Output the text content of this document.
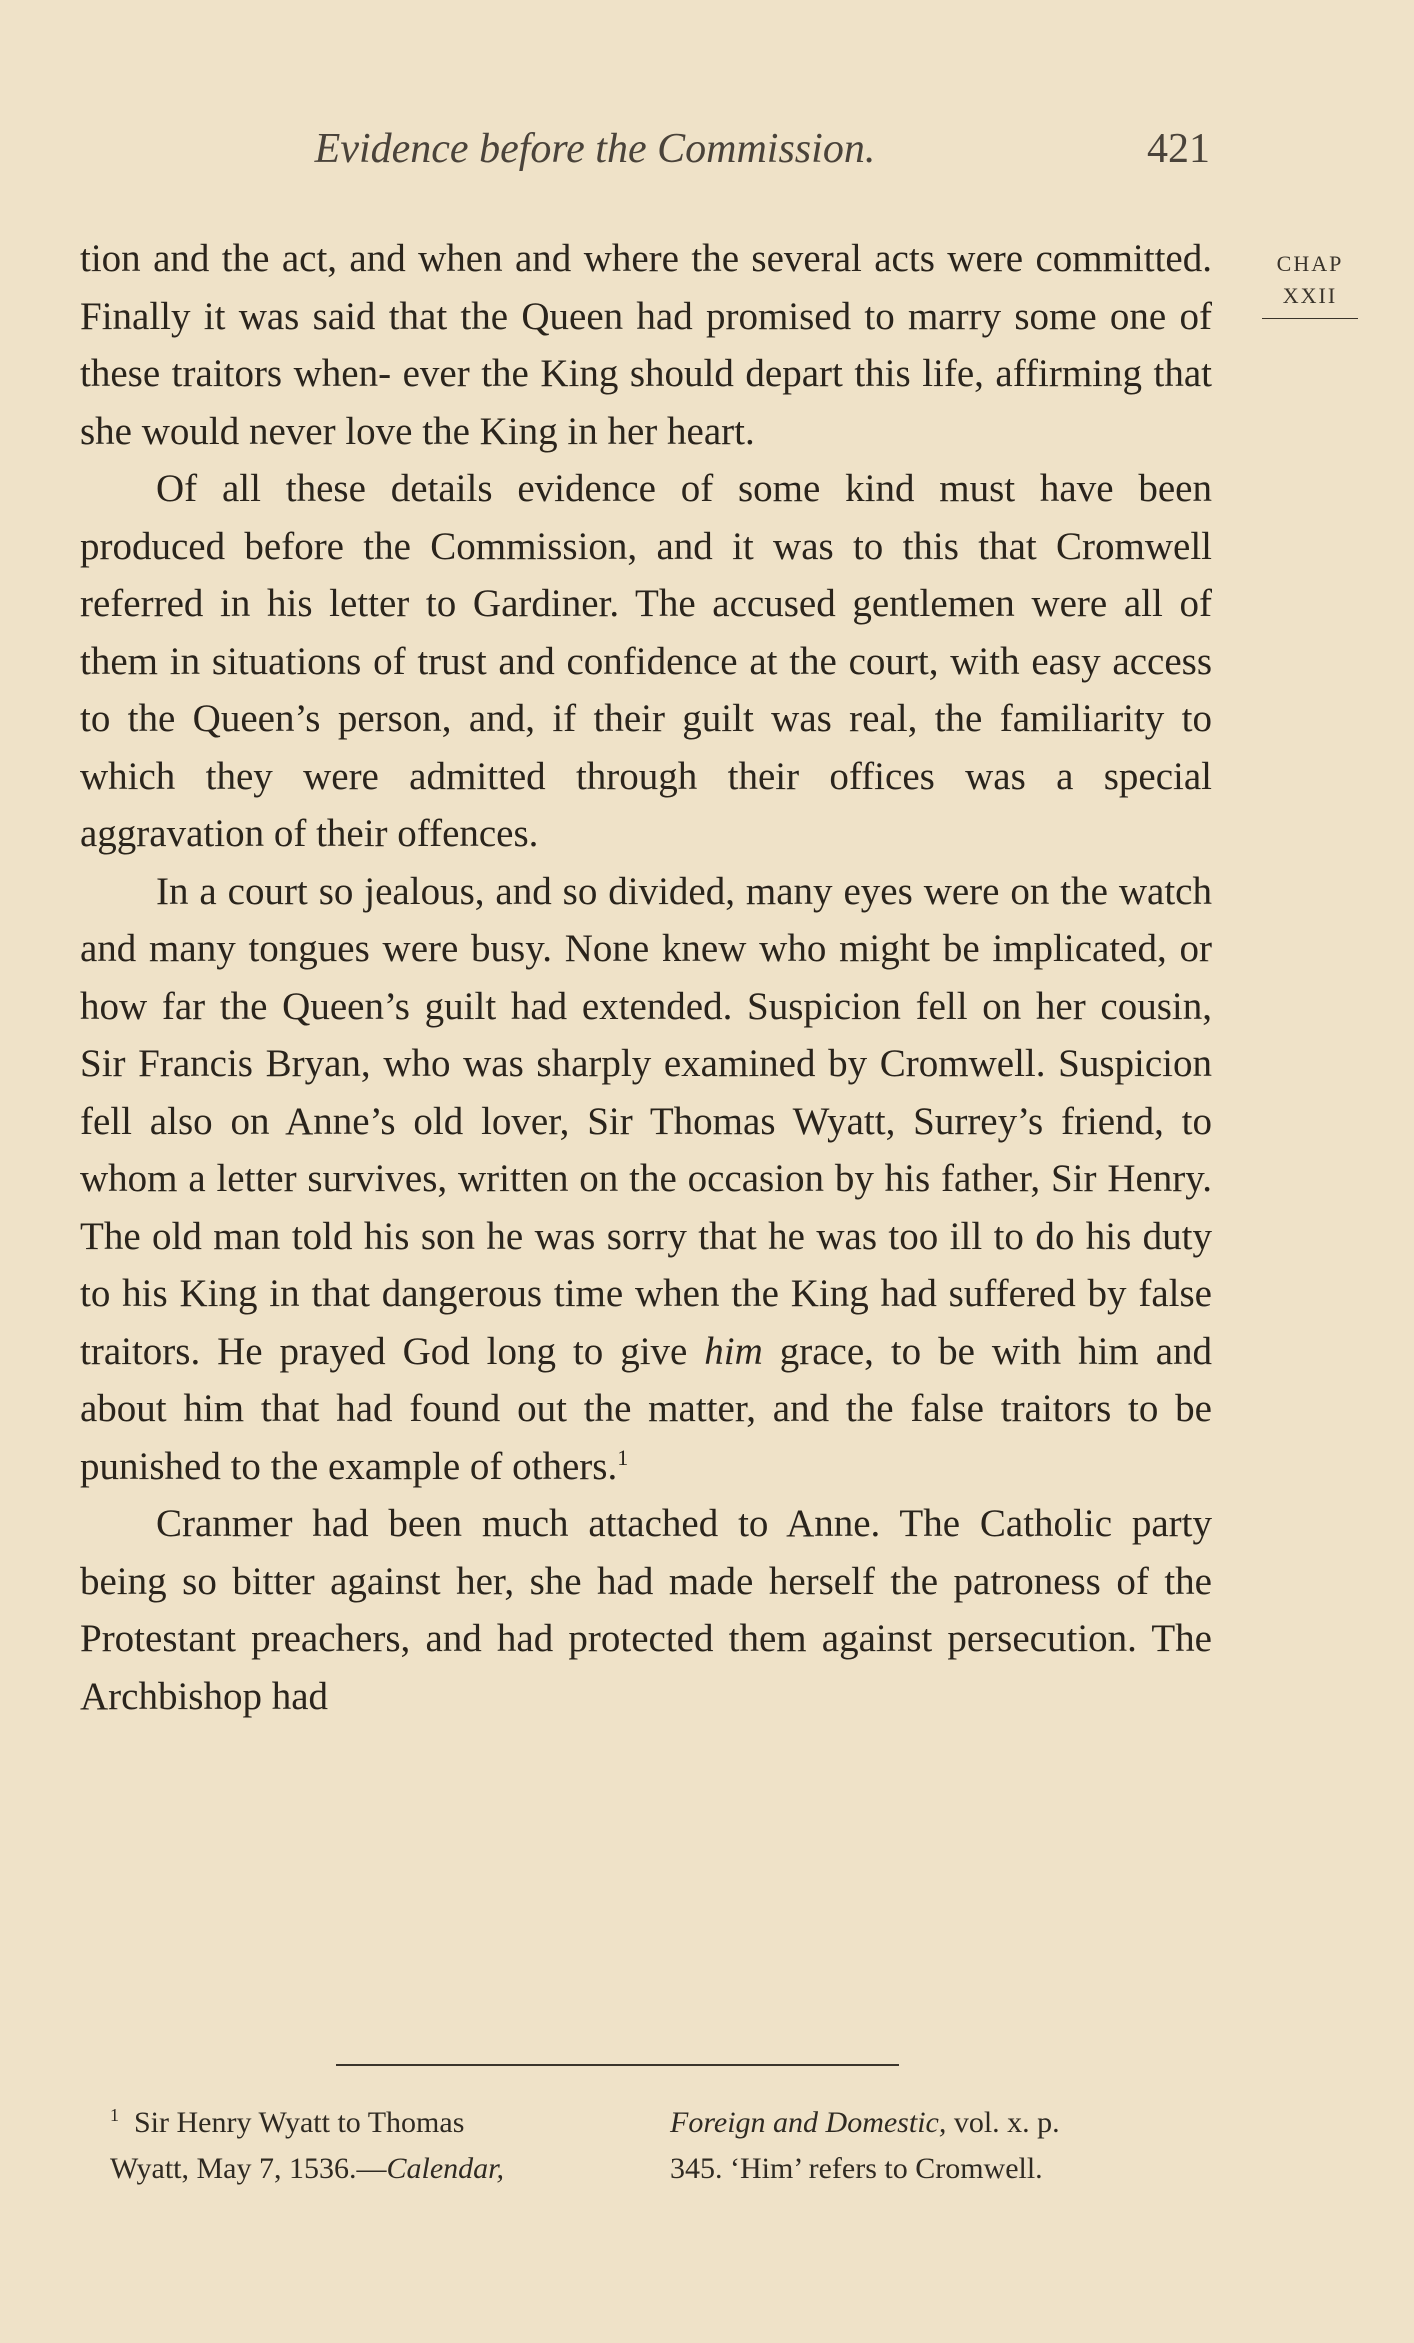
Evidence before the Commission.	421
CHAP
XXII

tion and the act, and when and where the several acts were committed. Finally it was said that the Queen had promised to marry some one of these traitors when- ever the King should depart this life, affirming that she would never love the King in her heart.

Of all these details evidence of some kind must have been produced before the Commission, and it was to this that Cromwell referred in his letter to Gardiner. The accused gentlemen were all of them in situations of trust and confidence at the court, with easy access to the Queen’s person, and, if their guilt was real, the familiarity to which they were admitted through their offices was a special aggravation of their offences.

In a court so jealous, and so divided, many eyes were on the watch and many tongues were busy. None knew who might be implicated, or how far the Queen’s guilt had extended. Suspicion fell on her cousin, Sir Francis Bryan, who was sharply examined by Cromwell. Suspicion fell also on Anne’s old lover, Sir Thomas Wyatt, Surrey’s friend, to whom a letter survives, written on the occasion by his father, Sir Henry. The old man told his son he was sorry that he was too ill to do his duty to his King in that dangerous time when the King had suffered by false traitors. He prayed God long to give him grace, to be with him and about him that had found out the matter, and the false traitors to be punished to the example of others.$^1$

Cranmer had been much attached to Anne. The Catholic party being so bitter against her, she had made herself the patroness of the Protestant preachers, and had protected them against persecution. The Archbishop had

$^1$ Sir Henry Wyatt to Thomas
Wyatt, May 7, 1536.—Calendar,
Foreign and Domestic, vol. x. p.
345. ‘Him’ refers to Cromwell.
